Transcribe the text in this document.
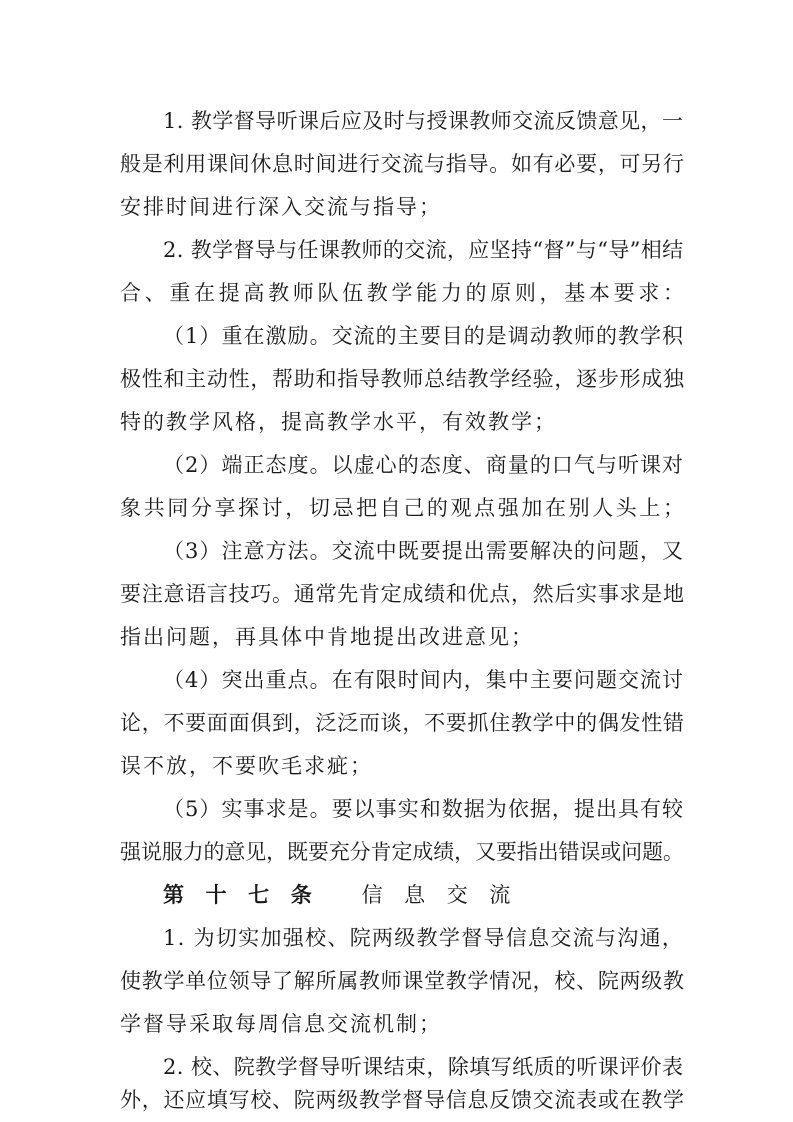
1. 教学督导听课后应及时与授课教师交流反馈意见，一
般是利用课间休息时间进行交流与指导。如有必要，可另行
安排时间进行深入交流与指导；
2. 教学督导与任课教师的交流，应坚持“督”与“导”相结
合、重在提高教师队伍教学能力的原则，基本要求：
（1）重在激励。交流的主要目的是调动教师的教学积
极性和主动性，帮助和指导教师总结教学经验，逐步形成独
特的教学风格，提高教学水平，有效教学；
（2）端正态度。以虚心的态度、商量的口气与听课对
象共同分享探讨，切忌把自己的观点强加在别人头上；
（3）注意方法。交流中既要提出需要解决的问题，又
要注意语言技巧。通常先肯定成绩和优点，然后实事求是地
指出问题，再具体中肯地提出改进意见；
（4）突出重点。在有限时间内，集中主要问题交流讨
论，不要面面俱到，泛泛而谈，不要抓住教学中的偶发性错
误不放，不要吹毛求疵；
（5）实事求是。要以事实和数据为依据，提出具有较
强说服力的意见，既要充分肯定成绩，又要指出错误或问题。
第十七条 信息交流
1. 为切实加强校、院两级教学督导信息交流与沟通，
使教学单位领导了解所属教师课堂教学情况，校、院两级教
学督导采取每周信息交流机制；
2. 校、院教学督导听课结束，除填写纸质的听课评价表
外，还应填写校、院两级教学督导信息反馈交流表或在教学
